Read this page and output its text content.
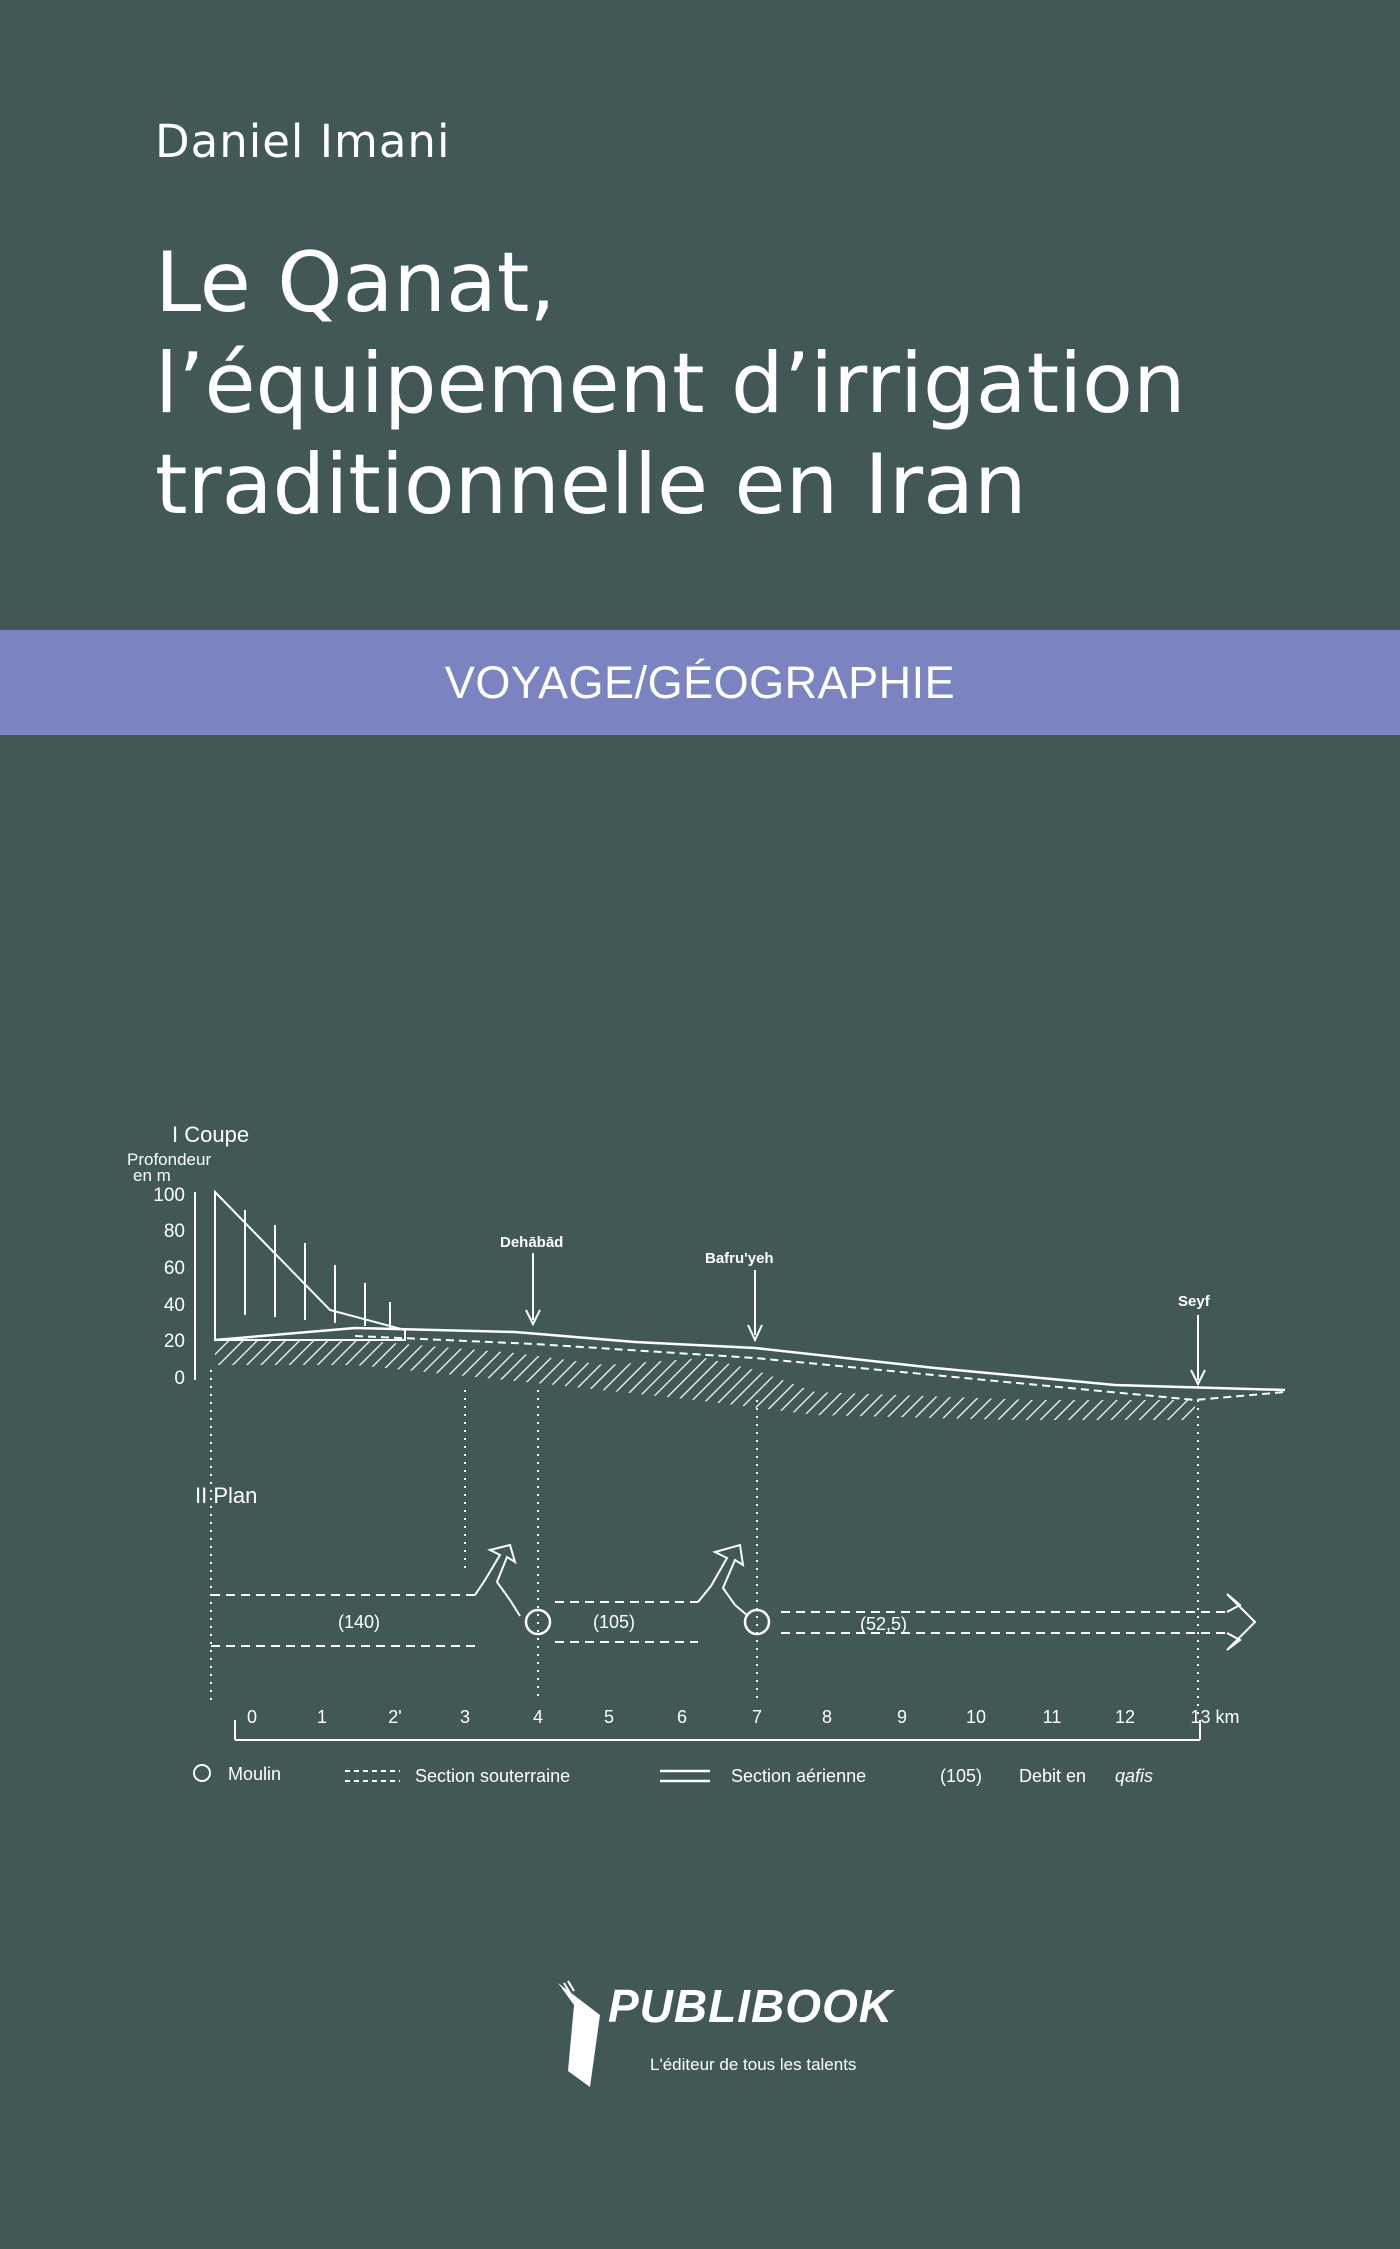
Daniel Imani
Le Qanat,
l’équipement d’irrigation
traditionnelle en Iran
VOYAGE/GÉOGRAPHIE
I Coupe
Profondeur
en m
100
80
60
40
20
0
Dehābād
Bafru'yeh
Seyf
II Plan
(140)	(105)	(52,5)
0	1	2'	3	4	5	6	7	8	9	10	11	12	13 km
Moulin	Section souterraine	Section aérienne	(105) Debit en qafis
PUBLIBOOK
L'éditeur de tous les talents
